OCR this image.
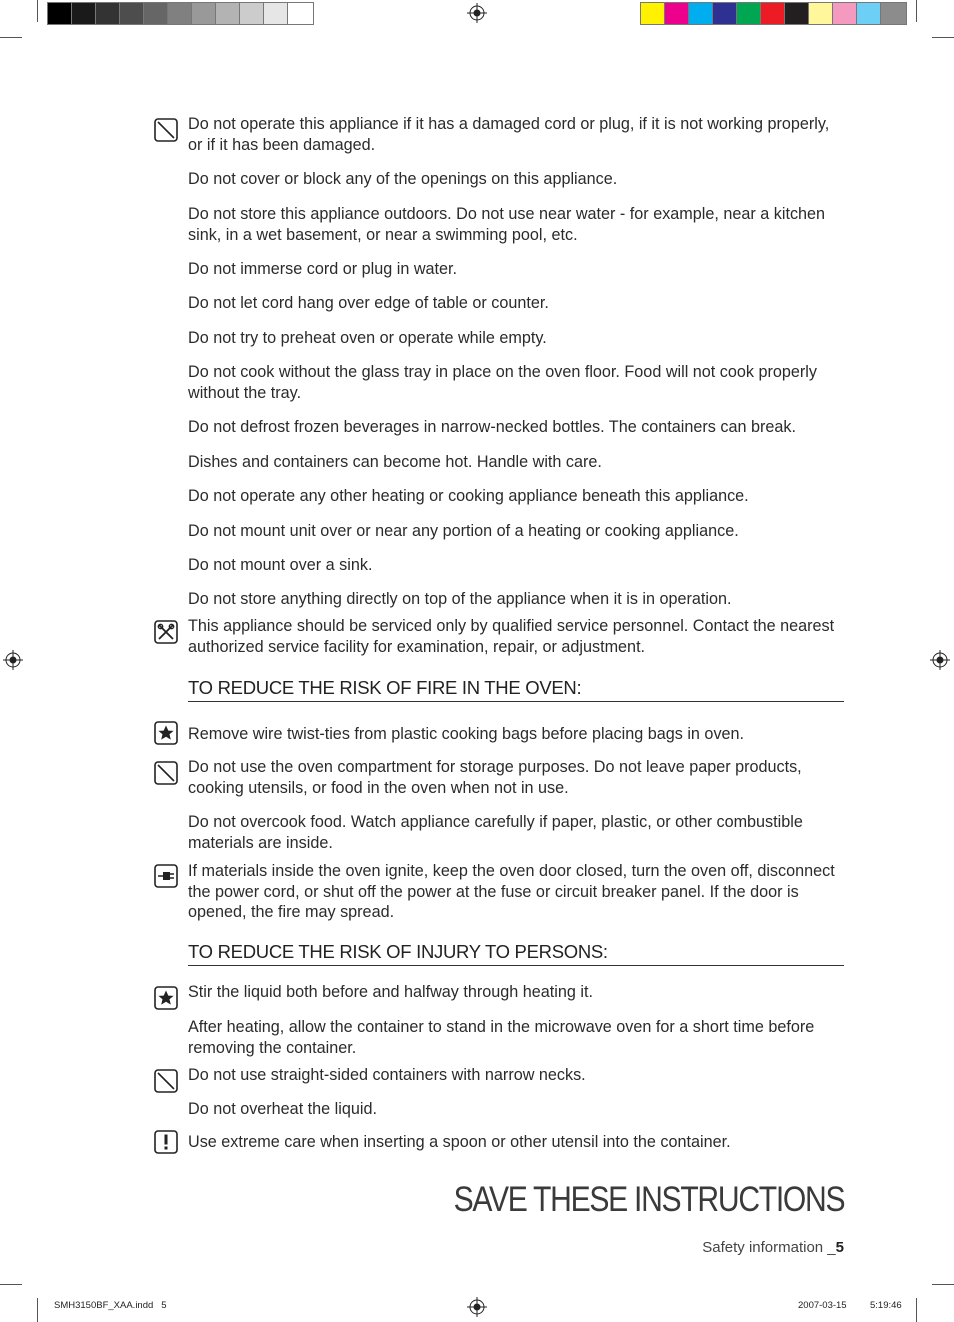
Do not operate this appliance if it has a damaged cord or plug, if it is not working properly, or if it has been damaged.
Do not cover or block any of the openings on this appliance.
Do not store this appliance outdoors. Do not use near water - for example, near a kitchen sink, in a wet basement, or near a swimming pool, etc.
Do not immerse cord or plug in water.
Do not let cord hang over edge of table or counter.
Do not try to preheat oven or operate while empty.
Do not cook without the glass tray in place on the oven floor. Food will not cook properly without the tray.
Do not defrost frozen beverages in narrow-necked bottles. The containers can break.
Dishes and containers can become hot. Handle with care.
Do not operate any other heating or cooking appliance beneath this appliance.
Do not mount unit over or near any portion of a heating or cooking appliance.
Do not mount over a sink.
Do not store anything directly on top of the appliance when it is in operation.
This appliance should be serviced only by qualified service personnel. Contact the nearest authorized service facility for examination, repair, or adjustment.
TO REDUCE THE RISK OF FIRE IN THE OVEN:
Remove wire twist-ties from plastic cooking bags before placing bags in oven.
Do not use the oven compartment for storage purposes. Do not leave paper products, cooking utensils, or food in the oven when not in use.
Do not overcook food. Watch appliance carefully if paper, plastic, or other combustible materials are inside.
If materials inside the oven ignite, keep the oven door closed, turn the oven off, disconnect the power cord, or shut off the power at the fuse or circuit breaker panel. If the door is opened, the fire may spread.
TO REDUCE THE RISK OF INJURY TO PERSONS:
Stir the liquid both before and halfway through heating it.
After heating, allow the container to stand in the microwave oven for a short time before removing the container.
Do not use straight-sided containers with narrow necks.
Do not overheat the liquid.
Use extreme care when inserting a spoon or other utensil into the container.
SAVE THESE INSTRUCTIONS
Safety information _5
SMH3150BF_XAA.indd   5	2007-03-15 5:19:46
